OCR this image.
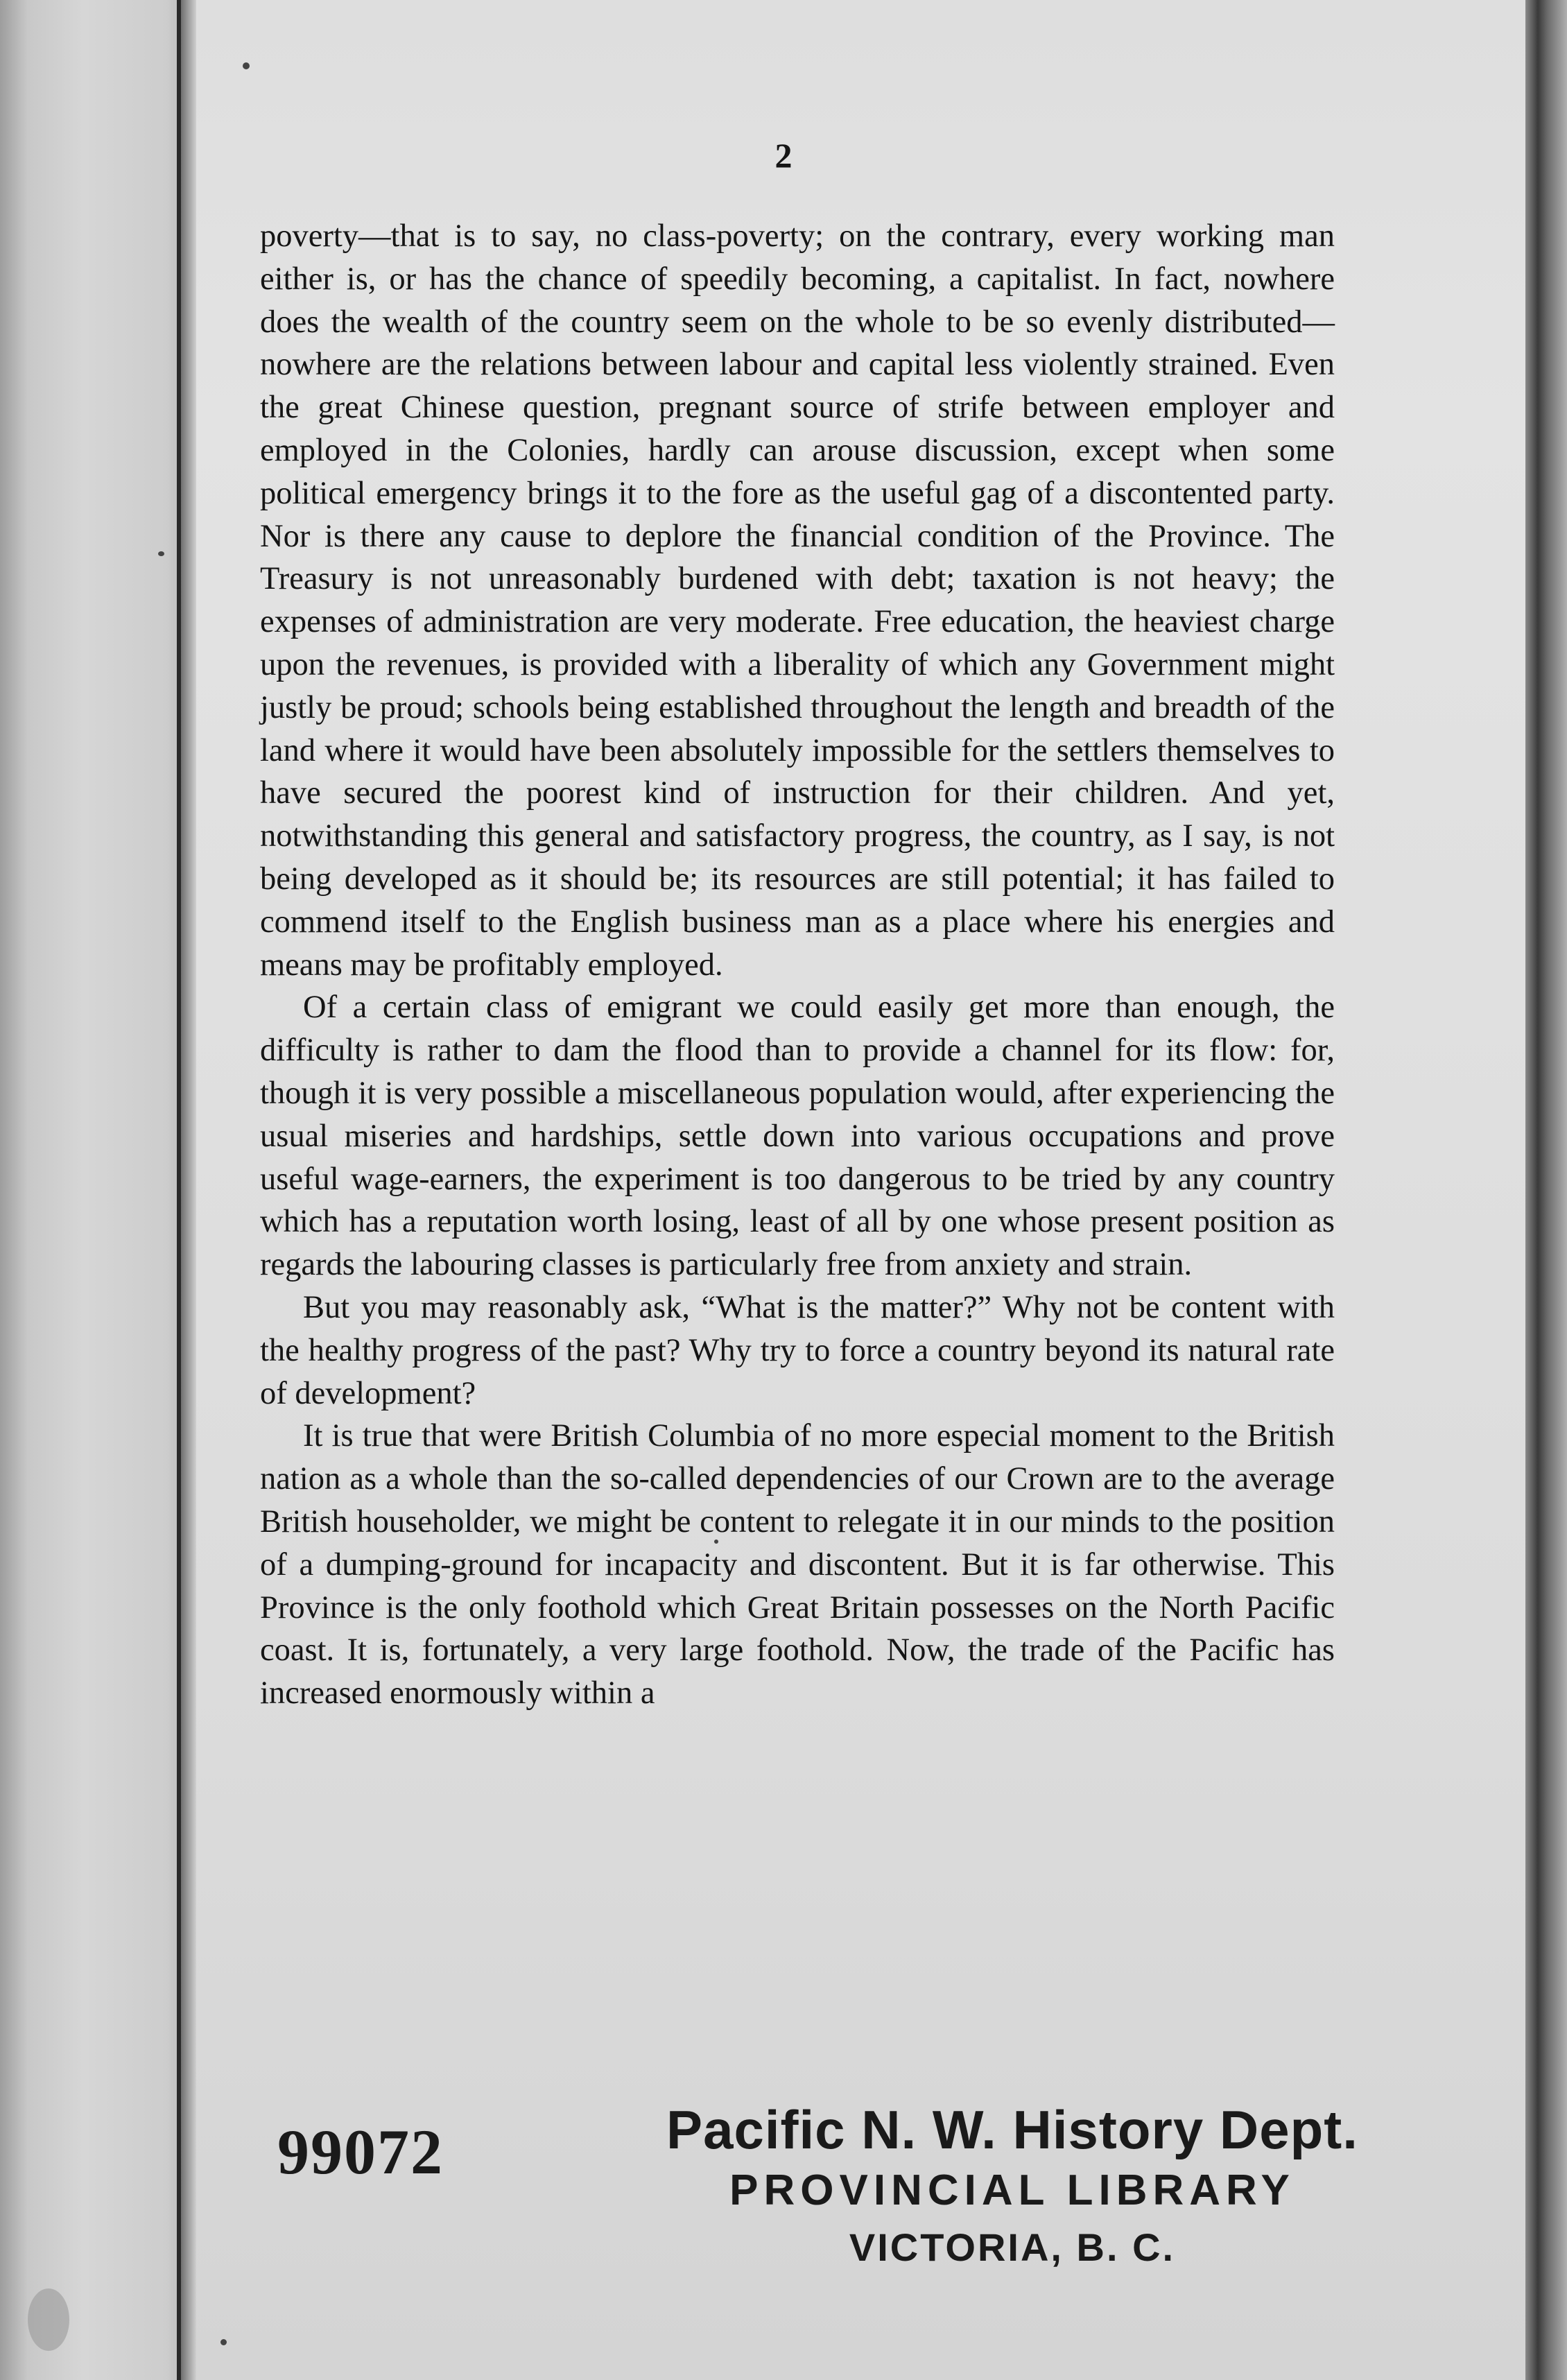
2

poverty—that is to say, no class-poverty; on the contrary, every working man either is, or has the chance of speedily becoming, a capitalist. In fact, nowhere does the wealth of the country seem on the whole to be so evenly distributed—nowhere are the relations between labour and capital less violently strained. Even the great Chinese question, pregnant source of strife between employer and employed in the Colonies, hardly can arouse discussion, except when some political emergency brings it to the fore as the useful gag of a discontented party. Nor is there any cause to deplore the financial condition of the Province. The Treasury is not unreasonably burdened with debt; taxation is not heavy; the expenses of administration are very moderate. Free education, the heaviest charge upon the revenues, is provided with a liberality of which any Government might justly be proud; schools being established throughout the length and breadth of the land where it would have been absolutely impossible for the settlers themselves to have secured the poorest kind of instruction for their children. And yet, notwithstanding this general and satisfactory progress, the country, as I say, is not being developed as it should be; its resources are still potential; it has failed to commend itself to the English business man as a place where his energies and means may be profitably employed.

Of a certain class of emigrant we could easily get more than enough, the difficulty is rather to dam the flood than to provide a channel for its flow: for, though it is very possible a miscellaneous population would, after experiencing the usual miseries and hardships, settle down into various occupations and prove useful wage-earners, the experiment is too dangerous to be tried by any country which has a reputation worth losing, least of all by one whose present position as regards the labouring classes is particularly free from anxiety and strain.

But you may reasonably ask, “What is the matter?” Why not be content with the healthy progress of the past? Why try to force a country beyond its natural rate of development?

It is true that were British Columbia of no more especial moment to the British nation as a whole than the so-called dependencies of our Crown are to the average British householder, we might be content to relegate it in our minds to the position of a dumping-ground for incapacity and discontent. But it is far otherwise. This Province is the only foothold which Great Britain possesses on the North Pacific coast. It is, fortunately, a very large foothold. Now, the trade of the Pacific has increased enormously within a

99072	Pacific N. W. History Dept.
PROVINCIAL LIBRARY
VICTORIA, B. C.
